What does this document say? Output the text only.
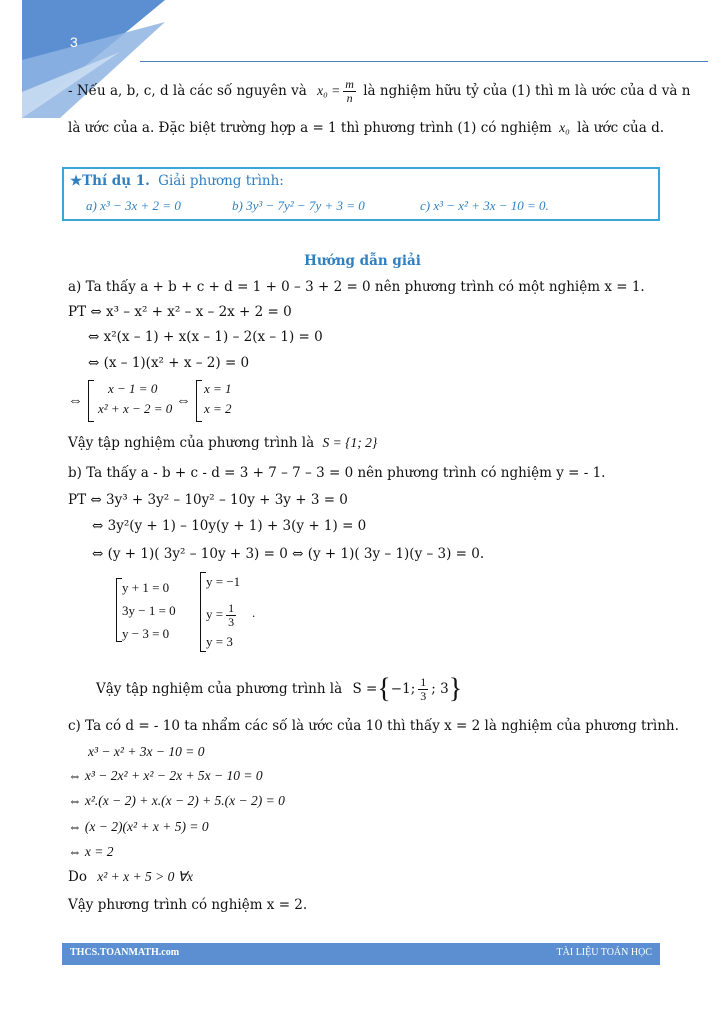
3
- Nếu a, b, c, d là các số nguyên và $x_0 = \frac{m}{n}$ là nghiệm hữu tỷ của (1) thì m là ước của d và n
là ước của a. Đặc biệt trường hợp a = 1 thì phương trình (1) có nghiệm x₀ là ước của d.
★Thí dụ 1. Giải phương trình:
a) x³ − 3x + 2 = 0	b) 3y³ − 7y² − 7y + 3 = 0	c) x³ − x² + 3x − 10 = 0.
Hướng dẫn giải
a) Ta thấy a + b + c + d = 1 + 0 – 3 + 2 = 0 nên phương trình có một nghiệm x = 1.
PT ⇔ x³ – x² + x² – x – 2x + 2 = 0
⇔ x²(x – 1) + x(x – 1) – 2(x – 1) = 0
⇔ (x – 1)(x² + x – 2) = 0
⇔
x − 1 = 0
x² + x − 2 = 0 ⇔
x = 1
x = 2
Vậy tập nghiệm của phương trình là S = {1; 2}
b) Ta thấy a - b + c - d = 3 + 7 – 7 – 3 = 0 nên phương trình có nghiệm y = - 1.
PT ⇔ 3y³ + 3y² – 10y² – 10y + 3y + 3 = 0
⇔ 3y²(y + 1) – 10y(y + 1) + 3(y + 1) = 0
⇔ (y + 1)( 3y² – 10y + 3) = 0 ⇔ (y + 1)( 3y – 1)(y – 3) = 0.
y + 1 = 0
3y − 1 = 0
y − 3 = 0
y = −1
$y = \frac{1}{3}$
y = 3
.
Vậy tập nghiệm của phương trình là S ={−1; $\frac{1}{3}$ ; 3}
c) Ta có d = - 10 ta nhẩm các số là ước của 10 thì thấy x = 2 là nghiệm của phương trình.
x³ − x² + 3x − 10 = 0
⇔ x³ − 2x² + x² − 2x + 5x − 10 = 0
⇔ x².(x − 2) + x.(x − 2) + 5.(x − 2) = 0
⇔ (x − 2)(x² + x + 5) = 0
⇔ x = 2
Do x² + x + 5 > 0 ∀x
Vậy phương trình có nghiệm x = 2.
THCS.TOANMATH.com	TÀI LIỆU TOÁN HỌC
